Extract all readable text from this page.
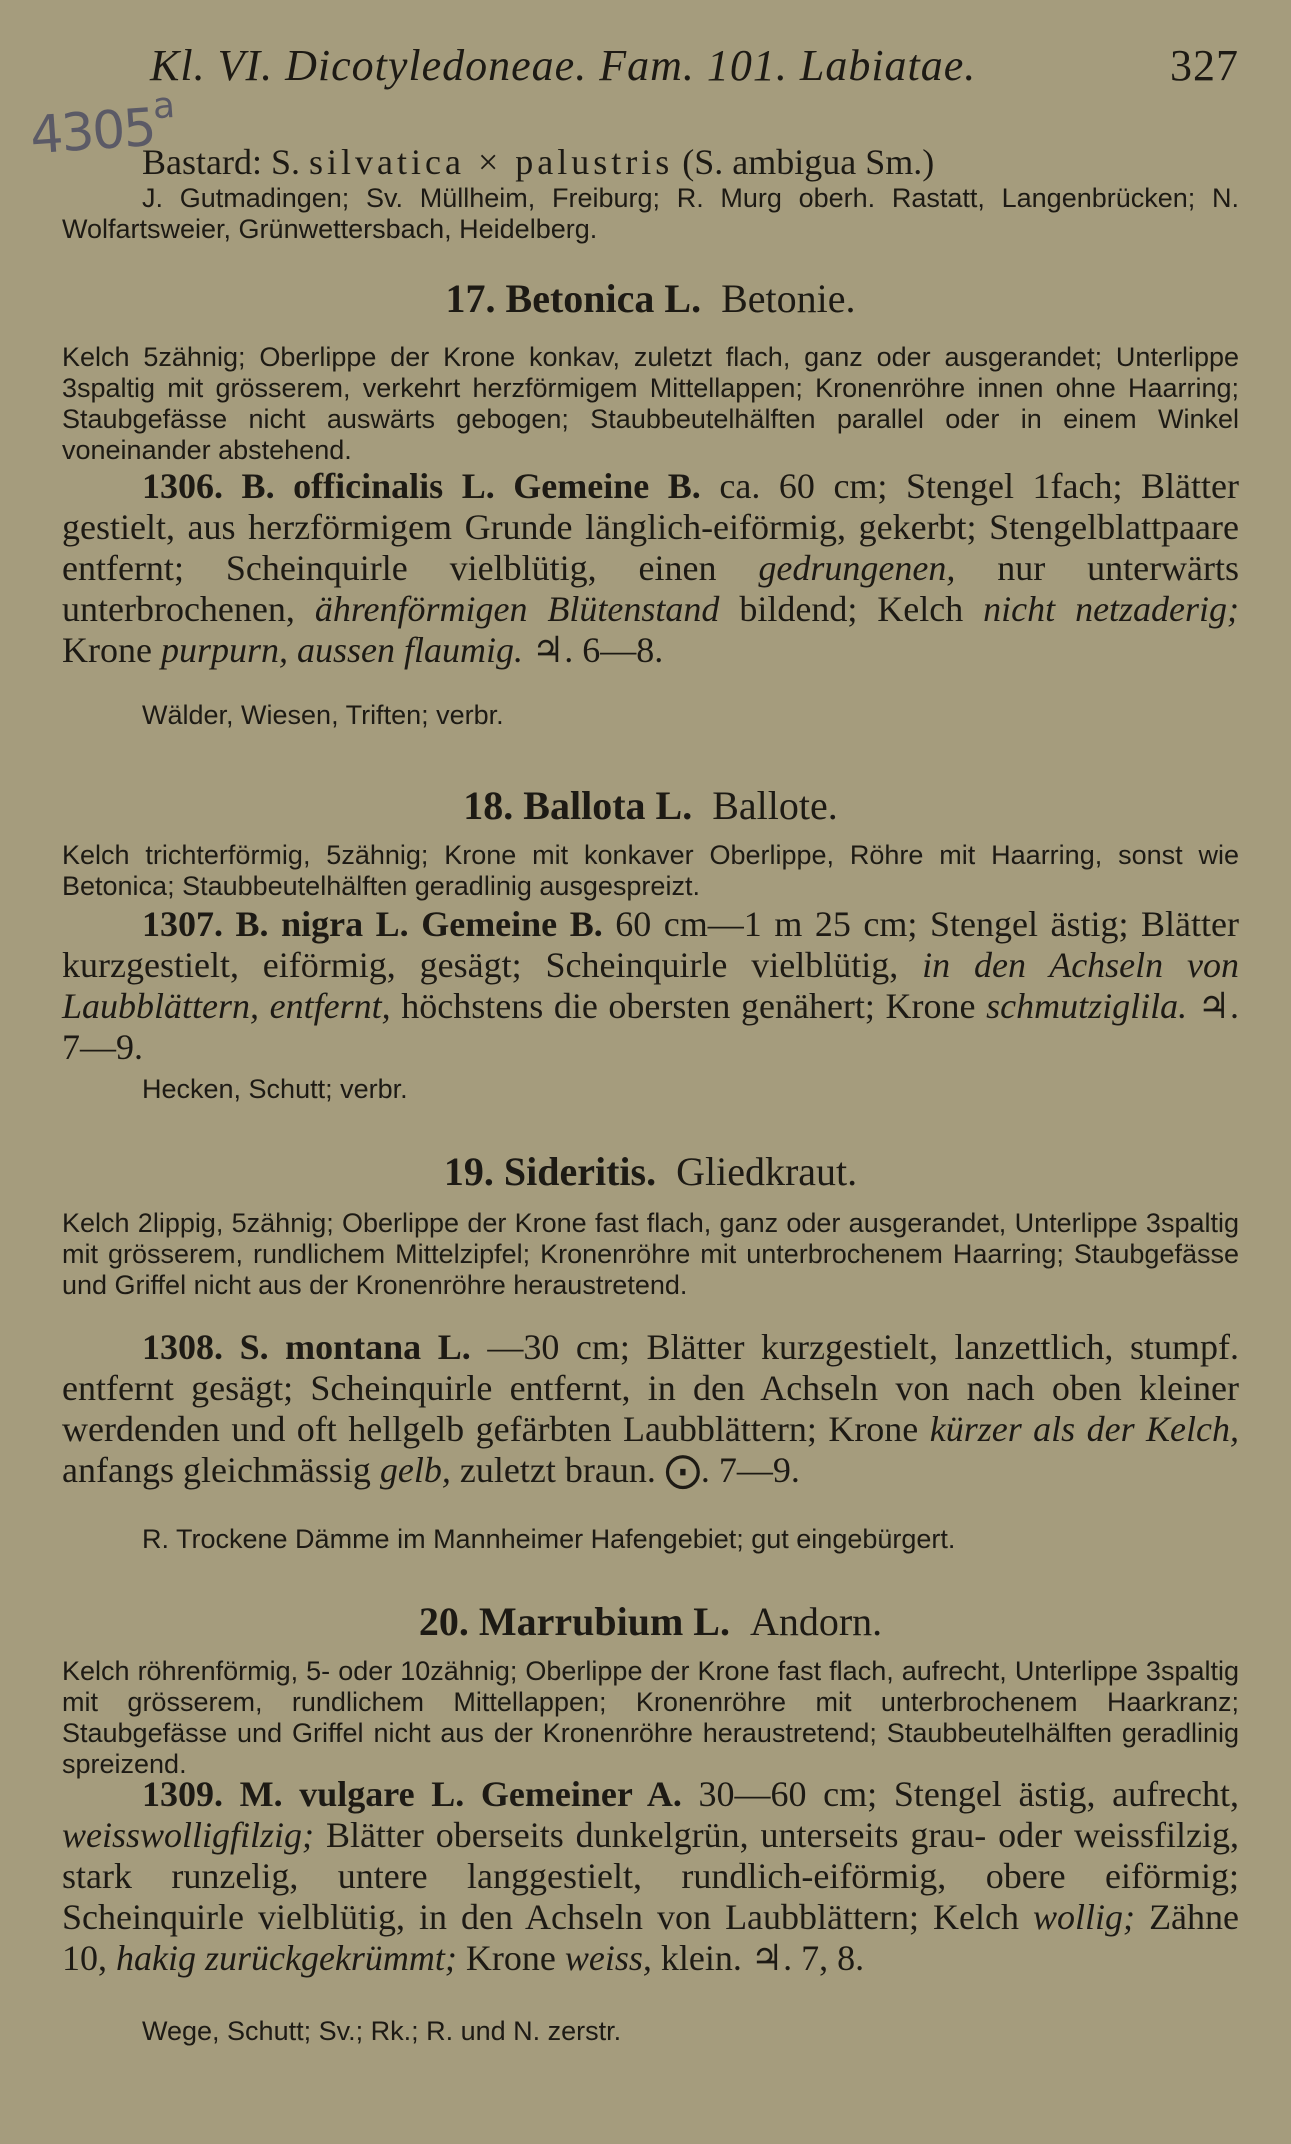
Kl. VI. Dicotyledoneae. Fam. 101. Labiatae.	327
4305$^a$

Bastard: S. silvatica × palustris (S. ambigua Sm.)

J. Gutmadingen; Sv. Müllheim, Freiburg; R. Murg oberh. Rastatt, Langenbrücken; N. Wolfartsweier, Grünwettersbach, Heidelberg.

17. Betonica L. Betonie.

Kelch 5zähnig; Oberlippe der Krone konkav, zuletzt flach, ganz oder ausgerandet; Unterlippe 3spaltig mit grösserem, verkehrt herzförmigem Mittellappen; Kronenröhre innen ohne Haarring; Staubgefässe nicht auswärts gebogen; Staubbeutelhälften parallel oder in einem Winkel voneinander abstehend.
1306. B. officinalis L. Gemeine B. ca. 60 cm; Stengel 1fach; Blätter gestielt, aus herzförmigem Grunde länglich-eiförmig, gekerbt; Stengelblattpaare entfernt; Scheinquirle vielblütig, einen gedrungenen, nur unterwärts unterbrochenen, ährenförmigen Blütenstand bildend; Kelch nicht netzaderig; Krone purpurn, aussen flaumig. ♃. 6—8.
Wälder, Wiesen, Triften; verbr.

18. Ballota L. Ballote.

Kelch trichterförmig, 5zähnig; Krone mit konkaver Oberlippe, Röhre mit Haarring, sonst wie Betonica; Staubbeutelhälften geradlinig ausgespreizt.
1307. B. nigra L. Gemeine B. 60 cm—1 m 25 cm; Stengel ästig; Blätter kurzgestielt, eiförmig, gesägt; Scheinquirle vielblütig, in den Achseln von Laubblättern, entfernt, höchstens die obersten genähert; Krone schmutziglila. ♃. 7—9.
Hecken, Schutt; verbr.

19. Sideritis. Gliedkraut.

Kelch 2lippig, 5zähnig; Oberlippe der Krone fast flach, ganz oder ausgerandet, Unterlippe 3spaltig mit grösserem, rundlichem Mittelzipfel; Kronenröhre mit unterbrochenem Haarring; Staubgefässe und Griffel nicht aus der Kronenröhre heraustretend.
1308. S. montana L. —30 cm; Blätter kurzgestielt, lanzettlich, stumpf. entfernt gesägt; Scheinquirle entfernt, in den Achseln von nach oben kleiner werdenden und oft hellgelb gefärbten Laubblättern; Krone kürzer als der Kelch, anfangs gleichmässig gelb, zuletzt braun. ⨀. 7—9.
R. Trockene Dämme im Mannheimer Hafengebiet; gut eingebürgert.

20. Marrubium L. Andorn.

Kelch röhrenförmig, 5- oder 10zähnig; Oberlippe der Krone fast flach, aufrecht, Unterlippe 3spaltig mit grösserem, rundlichem Mittellappen; Kronenröhre mit unterbrochenem Haarkranz; Staubgefässe und Griffel nicht aus der Kronenröhre heraustretend; Staubbeutelhälften geradlinig spreizend.
1309. M. vulgare L. Gemeiner A. 30—60 cm; Stengel ästig, aufrecht, weisswolligfilzig; Blätter oberseits dunkelgrün, unterseits grau- oder weissfilzig, stark runzelig, untere langgestielt, rundlich-eiförmig, obere eiförmig; Scheinquirle vielblütig, in den Achseln von Laubblättern; Kelch wollig; Zähne 10, hakig zurückgekrümmt; Krone weiss, klein. ♃. 7, 8.
Wege, Schutt; Sv.; Rk.; R. und N. zerstr.
